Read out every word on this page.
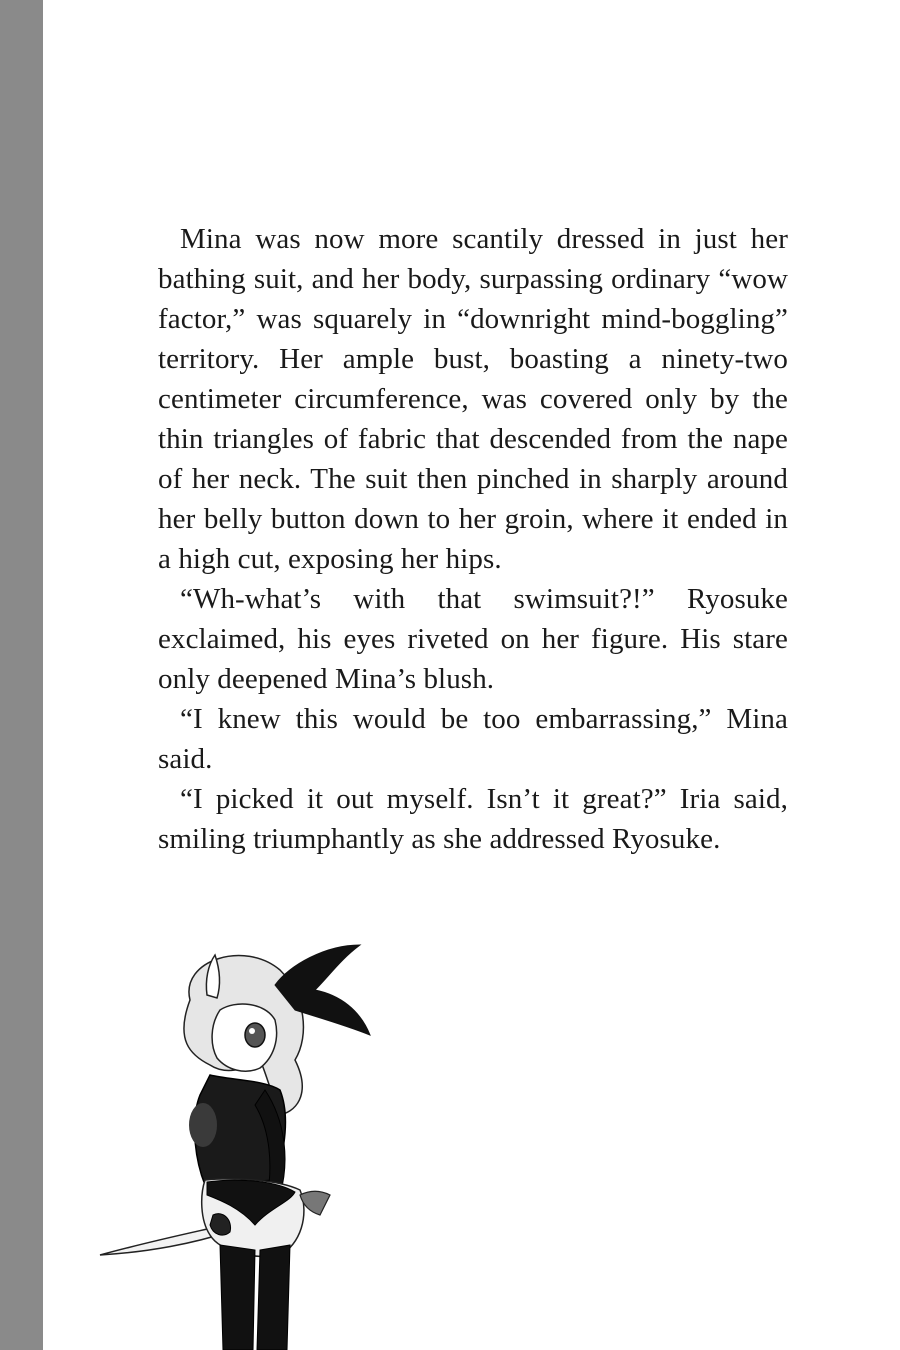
Mina was now more scantily dressed in just her bathing suit, and her body, surpassing ordinary “wow factor,” was squarely in “downright mind-boggling” territory. Her ample bust, boasting a ninety-two centimeter circumference, was covered only by the thin triangles of fabric that descended from the nape of her neck. The suit then pinched in sharply around her belly button down to her groin, where it ended in a high cut, exposing her hips.

“Wh-what’s with that swimsuit?!” Ryosuke exclaimed, his eyes riveted on her figure. His stare only deepened Mina’s blush.

“I knew this would be too embarrassing,” Mina said.

“I picked it out myself. Isn’t it great?” Iria said, smiling triumphantly as she addressed Ryosuke.
